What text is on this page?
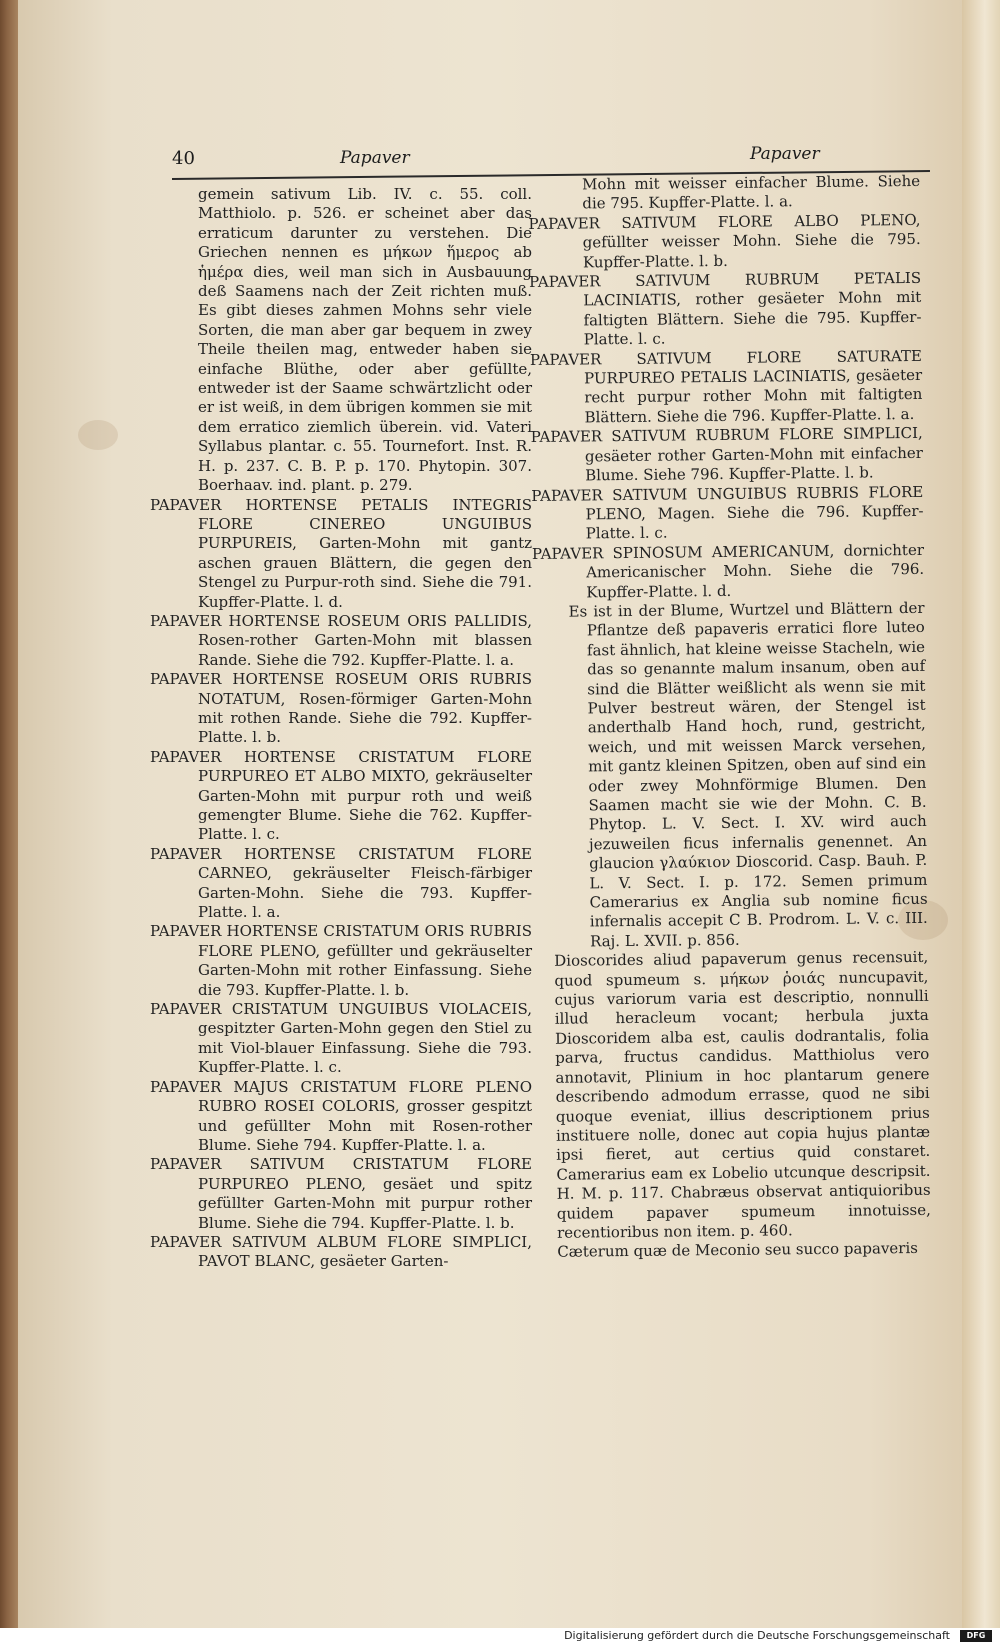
40	Papaver	Papaver

gemein sativum Lib. IV. c. 55. coll. Matthiolo. p. 526. er scheinet aber das erraticum darunter zu verstehen. Die Griechen nennen es μήκων ἥμερος ab ἡμέρα dies, weil man sich in Ausbauung deß Saamens nach der Zeit richten muß. Es gibt dieses zahmen Mohns sehr viele Sorten, die man aber gar bequem in zwey Theile theilen mag, entweder haben sie einfache Blüthe, oder aber gefüllte, entweder ist der Saame schwärtzlicht oder er ist weiß, in dem übrigen kommen sie mit dem erratico ziemlich überein. vid. Vateri Syllabus plantar. c. 55. Tournefort. Inst. R. H. p. 237. C. B. P. p. 170. Phytopin. 307. Boerhaav. ind. plant. p. 279.

PAPAVER HORTENSE PETALIS INTEGRIS FLORE CINEREO UNGUIBUS PURPUREIS, Garten-Mohn mit gantz aschen grauen Blättern, die gegen den Stengel zu Purpur-roth sind. Siehe die 791. Kupffer-Platte. l. d.

PAPAVER HORTENSE ROSEUM ORIS PALLIDIS, Rosen-rother Garten-Mohn mit blassen Rande. Siehe die 792. Kupffer-Platte. l. a.

PAPAVER HORTENSE ROSEUM ORIS RUBRIS NOTATUM, Rosen-förmiger Garten-Mohn mit rothen Rande. Siehe die 792. Kupffer-Platte. l. b.

PAPAVER HORTENSE CRISTATUM FLORE PURPUREO ET ALBO MIXTO, gekräuselter Garten-Mohn mit purpur roth und weiß gemengter Blume. Siehe die 762. Kupffer-Platte. l. c.

PAPAVER HORTENSE CRISTATUM FLORE CARNEO, gekräuselter Fleisch-färbiger Garten-Mohn. Siehe die 793. Kupffer-Platte. l. a.

PAPAVER HORTENSE CRISTATUM ORIS RUBRIS FLORE PLENO, gefüllter und gekräuselter Garten-Mohn mit rother Einfassung. Siehe die 793. Kupffer-Platte. l. b.

PAPAVER CRISTATUM UNGUIBUS VIOLACEIS, gespitzter Garten-Mohn gegen den Stiel zu mit Viol-blauer Einfassung. Siehe die 793. Kupffer-Platte. l. c.

PAPAVER MAJUS CRISTATUM FLORE PLENO RUBRO ROSEI COLORIS, grosser gespitzt und gefüllter Mohn mit Rosen-rother Blume. Siehe 794. Kupffer-Platte. l. a.

PAPAVER SATIVUM CRISTATUM FLORE PURPUREO PLENO, gesäet und spitz gefüllter Garten-Mohn mit purpur rother Blume. Siehe die 794. Kupffer-Platte. l. b.

PAPAVER SATIVUM ALBUM FLORE SIMPLICI, PAVOT BLANC, gesäeter Garten-

Mohn mit weisser einfacher Blume. Siehe die 795. Kupffer-Platte. l. a.

PAPAVER SATIVUM FLORE ALBO PLENO, gefüllter weisser Mohn. Siehe die 795. Kupffer-Platte. l. b.

PAPAVER SATIVUM RUBRUM PETALIS LACINIATIS, rother gesäeter Mohn mit faltigten Blättern. Siehe die 795. Kupffer-Platte. l. c.

PAPAVER SATIVUM FLORE SATURATE PURPUREO PETALIS LACINIATIS, gesäeter recht purpur rother Mohn mit faltigten Blättern. Siehe die 796. Kupffer-Platte. l. a.

PAPAVER SATIVUM RUBRUM FLORE SIMPLICI, gesäeter rother Garten-Mohn mit einfacher Blume. Siehe 796. Kupffer-Platte. l. b.

PAPAVER SATIVUM UNGUIBUS RUBRIS FLORE PLENO, Magen. Siehe die 796. Kupffer-Platte. l. c.

PAPAVER SPINOSUM AMERICANUM, dornichter Americanischer Mohn. Siehe die 796. Kupffer-Platte. l. d.

Es ist in der Blume, Wurtzel und Blättern der Pflantze deß papaveris erratici flore luteo fast ähnlich, hat kleine weisse Stacheln, wie das so genannte malum insanum, oben auf sind die Blätter weißlicht als wenn sie mit Pulver bestreut wären, der Stengel ist anderthalb Hand hoch, rund, gestricht, weich, und mit weissen Marck versehen, mit gantz kleinen Spitzen, oben auf sind ein oder zwey Mohnförmige Blumen. Den Saamen macht sie wie der Mohn. C. B. Phytop. L. V. Sect. I. XV. wird auch jezuweilen ficus infernalis genennet. An glaucion γλαύκιον Dioscorid. Casp. Bauh. P. L. V. Sect. I. p. 172. Semen primum Camerarius ex Anglia sub nomine ficus infernalis accepit C B. Prodrom. L. V. c. III. Raj. L. XVII. p. 856.

Dioscorides aliud papaverum genus recensuit, quod spumeum s. μήκων ῥοιάς nuncupavit, cujus variorum varia est descriptio, nonnulli illud heracleum vocant; herbula juxta Dioscoridem alba est, caulis dodrantalis, folia parva, fructus candidus. Matthiolus vero annotavit, Plinium in hoc plantarum genere describendo admodum errasse, quod ne sibi quoque eveniat, illius descriptionem prius instituere nolle, donec aut copia hujus plantæ ipsi fieret, aut certius quid constaret. Camerarius eam ex Lobelio utcunque descripsit. H. M. p. 117. Chabræus observat antiquioribus quidem papaver spumeum innotuisse, recentioribus non item. p. 460.

Cæterum quæ de Meconio seu succo papaveris

Digitalisierung gefördert durch die Deutsche Forschungsgemeinschaft	DFG
